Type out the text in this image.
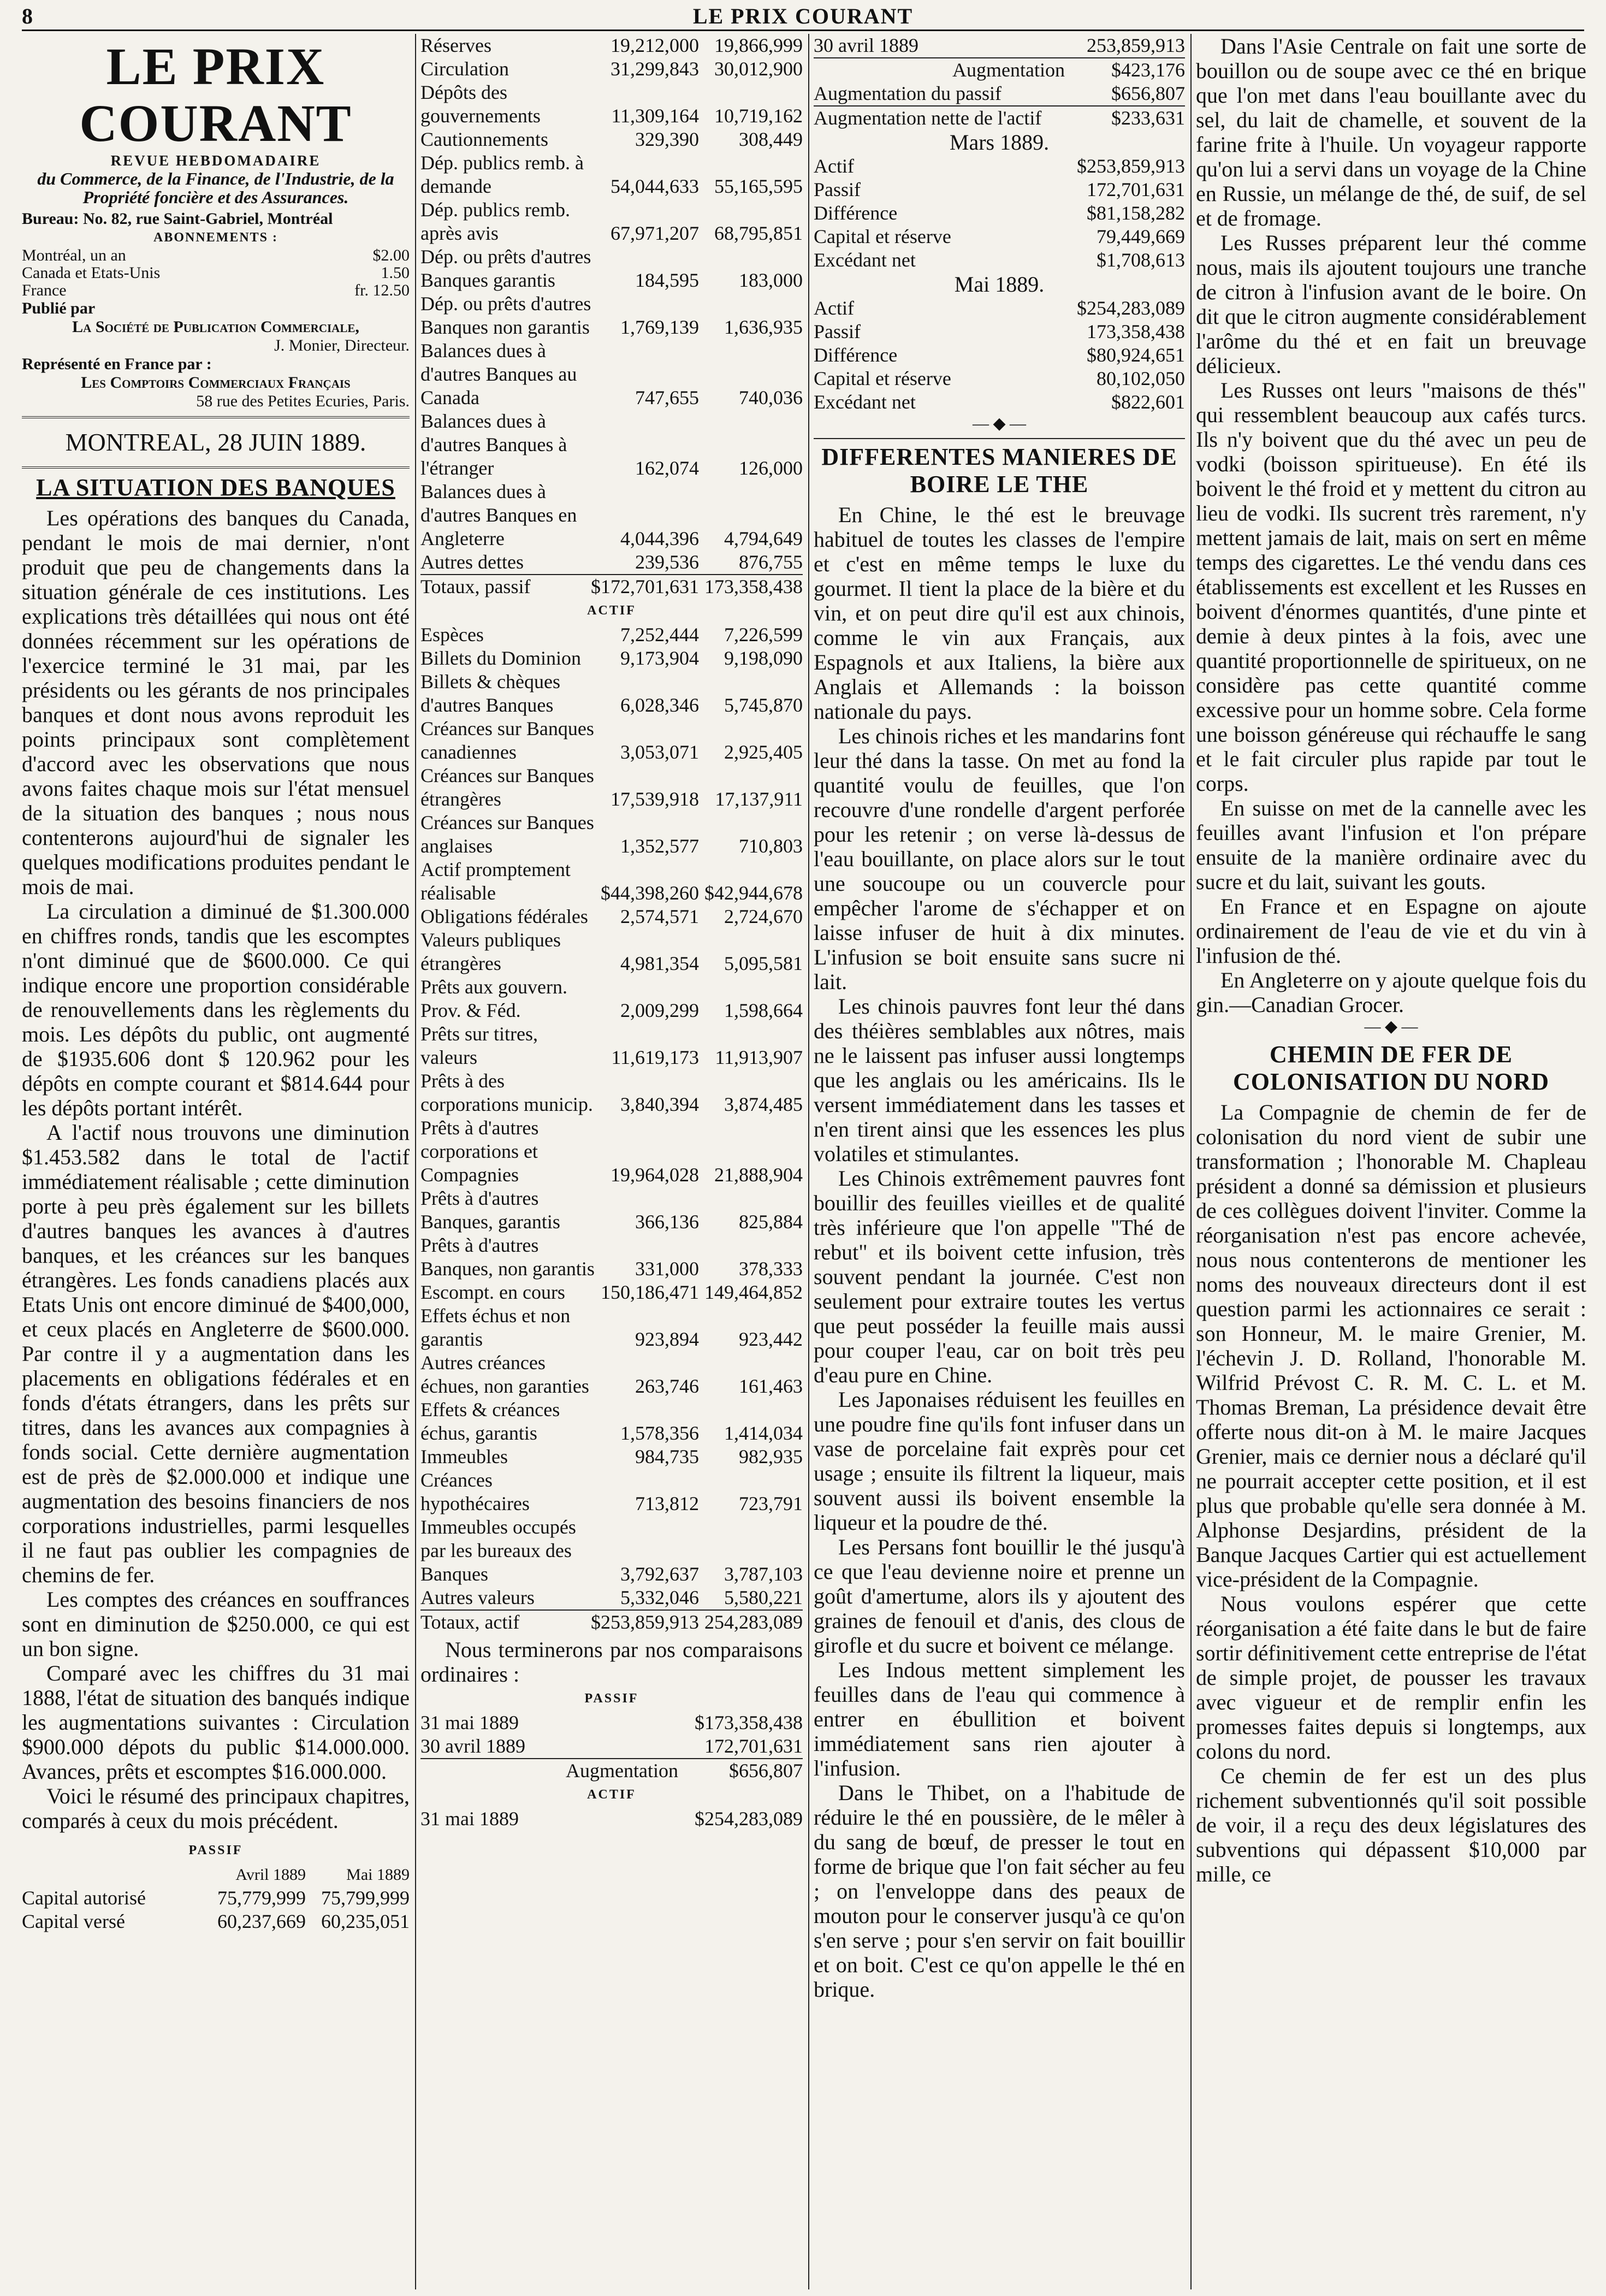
8	LE PRIX COURANT
LE PRIX COURANT
REVUE HEBDOMADAIRE
du Commerce, de la Finance, de l'Industrie, de la Propriété foncière et des Assurances.
Bureau: No. 82, rue Saint-Gabriel, Montréal
ABONNEMENTS :
Montréal, un an	$2.00
Canada et Etats-Unis	1.50
France	fr. 12.50
Publié par
La Société de Publication Commerciale,
J. Monier, Directeur.
Représenté en France par :
Les Comptoirs Commerciaux Français
58 rue des Petites Ecuries, Paris.
MONTREAL, 28 JUIN 1889.
LA SITUATION DES BANQUES

Les opérations des banques du Canada, pendant le mois de mai dernier, n'ont produit que peu de changements dans la situation générale de ces institutions. Les explications très détaillées qui nous ont été données récemment sur les opérations de l'exercice terminé le 31 mai, par les présidents ou les gérants de nos principales banques et dont nous avons reproduit les points principaux sont complètement d'accord avec les observations que nous avons faites chaque mois sur l'état mensuel de la situation des banques ; nous nous contenterons aujourd'hui de signaler les quelques modifications produites pendant le mois de mai.

La circulation a diminué de $1.300.000 en chiffres ronds, tandis que les escomptes n'ont diminué que de $600.000. Ce qui indique encore une proportion considérable de renouvellements dans les règlements du mois. Les dépôts du public, ont augmenté de $1935.606 dont $ 120.962 pour les dépôts en compte courant et $814.644 pour les dépôts portant intérêt.

A l'actif nous trouvons une diminution $1.453.582 dans le total de l'actif immédiatement réalisable ; cette diminution porte à peu près également sur les billets d'autres banques les avances à d'autres banques, et les créances sur les banques étrangères. Les fonds canadiens placés aux Etats Unis ont encore diminué de $400,000, et ceux placés en Angleterre de $600.000. Par contre il y a augmentation dans les placements en obligations fédérales et en fonds d'états étrangers, dans les prêts sur titres, dans les avances aux compagnies à fonds social. Cette dernière augmentation est de près de $2.000.000 et indique une augmentation des besoins financiers de nos corporations industrielles, parmi lesquelles il ne faut pas oublier les compagnies de chemins de fer.

Les comptes des créances en souffrances sont en diminution de $250.000, ce qui est un bon signe.

Comparé avec les chiffres du 31 mai 1888, l'état de situation des banqués indique les augmentations suivantes : Circulation $900.000 dépots du public $14.000.000. Avances, prêts et escomptes $16.000.000.

Voici le résumé des principaux chapitres, comparés à ceux du mois précédent.

PASSIF
	Avril 1889	Mai 1889
Capital autorisé	75,779,999	75,799,999
Capital versé	60,237,669	60,235,051
Réserves	19,212,000	19,866,999
Circulation	31,299,843	30,012,900
Dépôts des gouvernements	11,309,164	10,719,162
Cautionnements	329,390	308,449
Dép. publics remb. à demande	54,044,633	55,165,595
Dép. publics remb. après avis	67,971,207	68,795,851
Dép. ou prêts d'autres Banques garantis	184,595	183,000
Dép. ou prêts d'autres Banques non garantis	1,769,139	1,636,935
Balances dues à d'autres Banques au Canada	747,655	740,036
Balances dues à d'autres Banques à l'étranger	162,074	126,000
Balances dues à d'autres Banques en Angleterre	4,044,396	4,794,649
Autres dettes	239,536	876,755
Totaux, passif	$172,701,631	173,358,438
ACTIF
Espèces	7,252,444	7,226,599
Billets du Dominion	9,173,904	9,198,090
Billets & chèques d'autres Banques	6,028,346	5,745,870
Créances sur Banques canadiennes	3,053,071	2,925,405
Créances sur Banques étrangères	17,539,918	17,137,911
Créances sur Banques anglaises	1,352,577	710,803
Actif promptement réalisable	$44,398,260	$42,944,678
Obligations fédérales	2,574,571	2,724,670
Valeurs publiques étrangères	4,981,354	5,095,581
Prêts aux gouvern. Prov. & Féd.	2,009,299	1,598,664
Prêts sur titres, valeurs	11,619,173	11,913,907
Prêts à des corporations municip.	3,840,394	3,874,485
Prêts à d'autres corporations et Compagnies	19,964,028	21,888,904
Prêts à d'autres Banques, garantis	366,136	825,884
Prêts à d'autres Banques, non garantis	331,000	378,333
Escompt. en cours	150,186,471	149,464,852
Effets échus et non garantis	923,894	923,442
Autres créances échues, non garanties	263,746	161,463
Effets & créances échus, garantis	1,578,356	1,414,034
Immeubles	984,735	982,935
Créances hypothécaires	713,812	723,791
Immeubles occupés par les bureaux des Banques	3,792,637	3,787,103
Autres valeurs	5,332,046	5,580,221
Totaux, actif	$253,859,913	254,283,089

Nous terminerons par nos comparaisons ordinaires :

PASSIF
31 mai 1889	$173,358,438
30 avril 1889	172,701,631
Augmentation	$656,807
ACTIF
31 mai 1889	$254,283,089
30 avril 1889	253,859,913
Augmentation	$423,176
Augmentation du passif	$656,807
Augmentation nette de l'actif	$233,631
Mars 1889.
Actif	$253,859,913
Passif	172,701,631
Différence	$81,158,282
Capital et réserve	79,449,669
Excédant net	$1,708,613
Mai 1889.
Actif	$254,283,089
Passif	173,358,438
Différence	$80,924,651
Capital et réserve	80,102,050
Excédant net	$822,601
— ◆ —
DIFFERENTES MANIERES DE BOIRE LE THE

En Chine, le thé est le breuvage habituel de toutes les classes de l'empire et c'est en même temps le luxe du gourmet. Il tient la place de la bière et du vin, et on peut dire qu'il est aux chinois, comme le vin aux Français, aux Espagnols et aux Italiens, la bière aux Anglais et Allemands : la boisson nationale du pays.

Les chinois riches et les mandarins font leur thé dans la tasse. On met au fond la quantité voulu de feuilles, que l'on recouvre d'une rondelle d'argent perforée pour les retenir ; on verse là-dessus de l'eau bouillante, on place alors sur le tout une soucoupe ou un couvercle pour empêcher l'arome de s'échapper et on laisse infuser de huit à dix minutes. L'infusion se boit ensuite sans sucre ni lait.

Les chinois pauvres font leur thé dans des théières semblables aux nôtres, mais ne le laissent pas infuser aussi longtemps que les anglais ou les américains. Ils le versent immédiatement dans les tasses et n'en tirent ainsi que les essences les plus volatiles et stimulantes.

Les Chinois extrêmement pauvres font bouillir des feuilles vieilles et de qualité très inférieure que l'on appelle "Thé de rebut" et ils boivent cette infusion, très souvent pendant la journée. C'est non seulement pour extraire toutes les vertus que peut posséder la feuille mais aussi pour couper l'eau, car on boit très peu d'eau pure en Chine.

Les Japonaises réduisent les feuilles en une poudre fine qu'ils font infuser dans un vase de porcelaine fait exprès pour cet usage ; ensuite ils filtrent la liqueur, mais souvent aussi ils boivent ensemble la liqueur et la poudre de thé.

Les Persans font bouillir le thé jusqu'à ce que l'eau devienne noire et prenne un goût d'amertume, alors ils y ajoutent des graines de fenouil et d'anis, des clous de girofle et du sucre et boivent ce mélange.

Les Indous mettent simplement les feuilles dans de l'eau qui commence à entrer en ébullition et boivent immédiatement sans rien ajouter à l'infusion.

Dans le Thibet, on a l'habitude de réduire le thé en poussière, de le mêler à du sang de bœuf, de presser le tout en forme de brique que l'on fait sécher au feu ; on l'enveloppe dans des peaux de mouton pour le conserver jusqu'à ce qu'on s'en serve ; pour s'en servir on fait bouillir et on boit. C'est ce qu'on appelle le thé en brique.

Dans l'Asie Centrale on fait une sorte de bouillon ou de soupe avec ce thé en brique que l'on met dans l'eau bouillante avec du sel, du lait de chamelle, et souvent de la farine frite à l'huile. Un voyageur rapporte qu'on lui a servi dans un voyage de la Chine en Russie, un mélange de thé, de suif, de sel et de fromage.

Les Russes préparent leur thé comme nous, mais ils ajoutent toujours une tranche de citron à l'infusion avant de le boire. On dit que le citron augmente considérablement l'arôme du thé et en fait un breuvage délicieux.

Les Russes ont leurs "maisons de thés" qui ressemblent beaucoup aux cafés turcs. Ils n'y boivent que du thé avec un peu de vodki (boisson spiritueuse). En été ils boivent le thé froid et y mettent du citron au lieu de vodki. Ils sucrent très rarement, n'y mettent jamais de lait, mais on sert en même temps des cigarettes. Le thé vendu dans ces établissements est excellent et les Russes en boivent d'énormes quantités, d'une pinte et demie à deux pintes à la fois, avec une quantité proportionnelle de spiritueux, on ne considère pas cette quantité comme excessive pour un homme sobre. Cela forme une boisson généreuse qui réchauffe le sang et le fait circuler plus rapide par tout le corps.

En suisse on met de la cannelle avec les feuilles avant l'infusion et l'on prépare ensuite de la manière ordinaire avec du sucre et du lait, suivant les gouts.

En France et en Espagne on ajoute ordinairement de l'eau de vie et du vin à l'infusion de thé.

En Angleterre on y ajoute quelque fois du gin.—Canadian Grocer.

— ◆ —
CHEMIN DE FER DE COLONISATION DU NORD

La Compagnie de chemin de fer de colonisation du nord vient de subir une transformation ; l'honorable M. Chapleau président a donné sa démission et plusieurs de ces collègues doivent l'inviter. Comme la réorganisation n'est pas encore achevée, nous nous contenterons de mentioner les noms des nouveaux directeurs dont il est question parmi les actionnaires ce serait : son Honneur, M. le maire Grenier, M. l'échevin J. D. Rolland, l'honorable M. Wilfrid Prévost C. R. M. C. L. et M. Thomas Breman, La présidence devait être offerte nous dit-on à M. le maire Jacques Grenier, mais ce dernier nous a déclaré qu'il ne pourrait accepter cette position, et il est plus que probable qu'elle sera donnée à M. Alphonse Desjardins, président de la Banque Jacques Cartier qui est actuellement vice-président de la Compagnie.

Nous voulons espérer que cette réorganisation a été faite dans le but de faire sortir définitivement cette entreprise de l'état de simple projet, de pousser les travaux avec vigueur et de remplir enfin les promesses faites depuis si longtemps, aux colons du nord.

Ce chemin de fer est un des plus richement subventionnés qu'il soit possible de voir, il a reçu des deux législatures des subventions qui dépassent $10,000 par mille, ce
